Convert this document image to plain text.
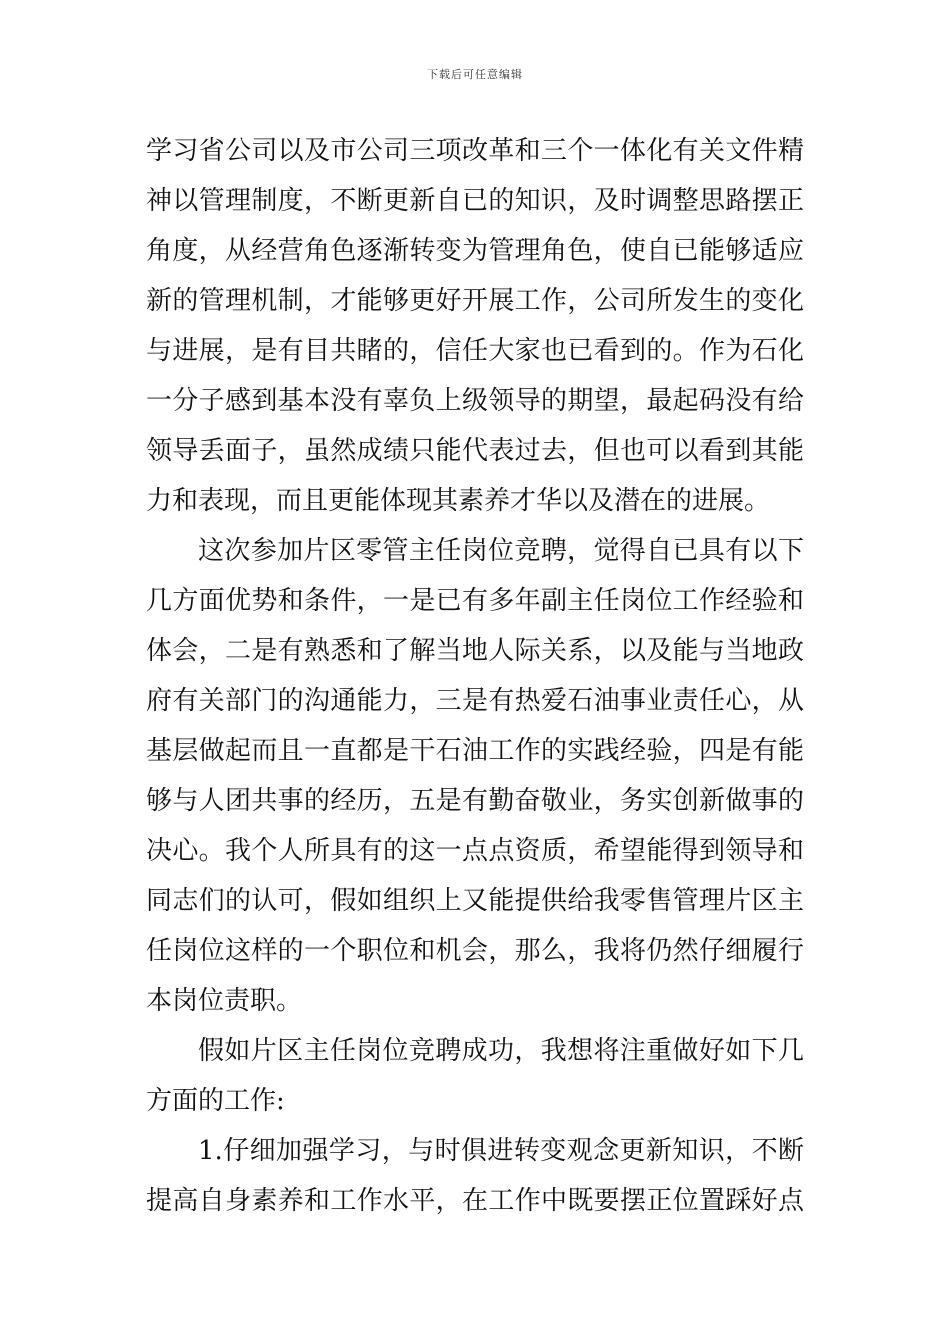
下载后可任意编辑
学习省公司以及市公司三项改革和三个一体化有关文件精
神以管理制度，不断更新自已的知识，及时调整思路摆正
角度，从经营角色逐渐转变为管理角色，使自已能够适应
新的管理机制，才能够更好开展工作，公司所发生的变化
与进展，是有目共睹的，信任大家也已看到的。作为石化
一分子感到基本没有辜负上级领导的期望，最起码没有给
领导丢面子，虽然成绩只能代表过去，但也可以看到其能
力和表现，而且更能体现其素养才华以及潜在的进展。
这次参加片区零管主任岗位竞聘，觉得自已具有以下
几方面优势和条件，一是已有多年副主任岗位工作经验和
体会，二是有熟悉和了解当地人际关系，以及能与当地政
府有关部门的沟通能力，三是有热爱石油事业责任心，从
基层做起而且一直都是干石油工作的实践经验，四是有能
够与人团共事的经历，五是有勤奋敬业，务实创新做事的
决心。我个人所具有的这一点点资质，希望能得到领导和
同志们的认可，假如组织上又能提供给我零售管理片区主
任岗位这样的一个职位和机会，那么，我将仍然仔细履行
本岗位责职。
假如片区主任岗位竞聘成功，我想将注重做好如下几
方面的工作:
1.仔细加强学习，与时俱进转变观念更新知识，不断
提高自身素养和工作水平，在工作中既要摆正位置踩好点
